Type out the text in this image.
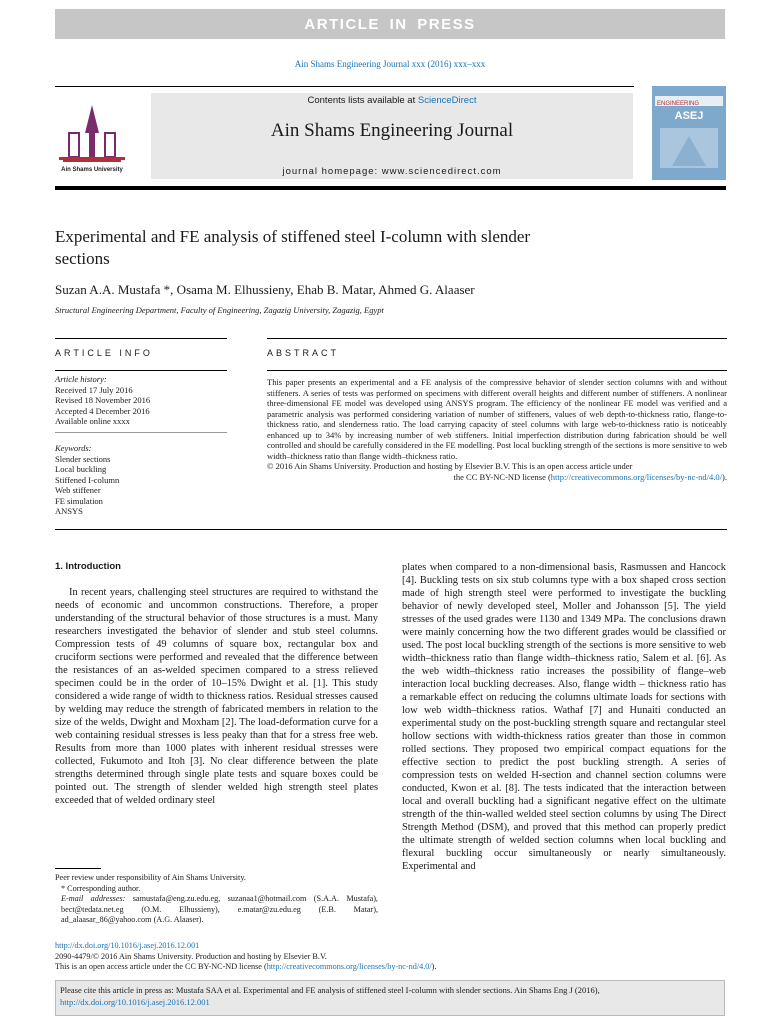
ARTICLE IN PRESS
Ain Shams Engineering Journal xxx (2016) xxx–xxx
Ain Shams University
Contents lists available at ScienceDirect
Ain Shams Engineering Journal
journal homepage: www.sciencedirect.com
ENGINEERING
ASEJ
Experimental and FE analysis of stiffened steel I-column with slender
sections
Suzan A.A. Mustafa *, Osama M. Elhussieny, Ehab B. Matar, Ahmed G. Alaaser
Structural Engineering Department, Faculty of Engineering, Zagazig University, Zagazig, Egypt
ARTICLE INFO
Article history:
Received 17 July 2016
Revised 18 November 2016
Accepted 4 December 2016
Available online xxxx
Keywords:
Slender sections
Local buckling
Stiffened I-column
Web stiffener
FE simulation
ANSYS
ABSTRACT
This paper presents an experimental and a FE analysis of the compressive behavior of slender section columns with and without stiffeners. A series of tests was performed on specimens with different overall heights and different number of stiffeners. A nonlinear three-dimensional FE model was developed using ANSYS program. The efficiency of the nonlinear FE model was verified and a parametric analysis was performed considering variation of number of stiffeners, values of web depth-to-thickness ratio, flange-to-thickness ratio, and slenderness ratio. The load carrying capacity of steel columns with large web-to-thickness ratio is noticeably enhanced up to 34% by increasing number of web stiffeners. Initial imperfection distribution during fabrication should be well controlled and should be carefully considered in the FE modelling. Post local buckling strength of the sections is more sensitive to web width–thickness ratio than flange width–thickness ratio.
© 2016 Ain Shams University. Production and hosting by Elsevier B.V. This is an open access article under
the CC BY-NC-ND license (http://creativecommons.org/licenses/by-nc-nd/4.0/).
1. Introduction

In recent years, challenging steel structures are required to withstand the needs of economic and uncommon constructions. Therefore, a proper understanding of the structural behavior of those structures is a must. Many researchers investigated the behavior of slender and stub steel columns. Compression tests of 49 columns of square box, rectangular box and cruciform sections were performed and revealed that the difference between the resistances of an as-welded specimen compared to a stress relieved specimen could be in the order of 10–15% Dwight et al. [1]. This study considered a wide range of width to thickness ratios. Residual stresses caused by welding may reduce the strength of fabricated members in relation to the size of the welds, Dwight and Moxham [2]. The load-deformation curve for a web containing residual stresses is less peaky than that for a stress free web. Results from more than 1000 plates with inherent residual stresses were collected, Fukumoto and Itoh [3]. No clear difference between the plate strengths determined through single plate tests and square boxes could be pointed out. The strength of slender welded high strength steel plates exceeded that of welded ordinary steel

plates when compared to a non-dimensional basis, Rasmussen and Hancock [4]. Buckling tests on six stub columns type with a box shaped cross section made of high strength steel were performed to investigate the buckling behavior of newly developed steel, Moller and Johansson [5]. The yield stresses of the used grades were 1130 and 1349 MPa. The conclusions drawn were mainly concerning how the two different grades would be classified or used. The post local buckling strength of the sections is more sensitive to web width–thickness ratio than flange width–thickness ratio, Salem et al. [6]. As the web width–thickness ratio increases the possibility of flange–web interaction local buckling decreases. Also, flange width – thickness ratio has a remarkable effect on reducing the columns ultimate loads for sections with low web width–thickness ratios. Wathaf [7] and Hunaiti conducted an experimental study on the post-buckling strength square and rectangular steel hollow sections with width-thickness ratios greater than those in common rolled sections. They proposed two empirical compact equations for the effective section to predict the post buckling strength. A series of compression tests on welded H-section and channel section columns were conducted, Kwon et al. [8]. The tests indicated that the interaction between local and overall buckling had a significant negative effect on the ultimate strength of the thin-walled welded steel section columns by using The Direct Strength Method (DSM), and proved that this method can properly predict the ultimate strength of welded section columns when local buckling and flexural buckling occur simultaneously or nearly simultaneously. Experimental and

Peer review under responsibility of Ain Shams University.
* Corresponding author.
E-mail addresses: samustafa@eng.zu.edu.eg, suzanaa1@hotmail.com (S.A.A. Mustafa), bect@tedata.net.eg (O.M. Elhussieny), e.matar@zu.edu.eg (E.B. Matar), ad_alaasar_86@yahoo.com (A.G. Alaaser).
http://dx.doi.org/10.1016/j.asej.2016.12.001
2090-4479/© 2016 Ain Shams University. Production and hosting by Elsevier B.V.
This is an open access article under the CC BY-NC-ND license (http://creativecommons.org/licenses/by-nc-nd/4.0/).
Please cite this article in press as: Mustafa SAA et al. Experimental and FE analysis of stiffened steel I-column with slender sections. Ain Shams Eng J (2016),
http://dx.doi.org/10.1016/j.asej.2016.12.001
